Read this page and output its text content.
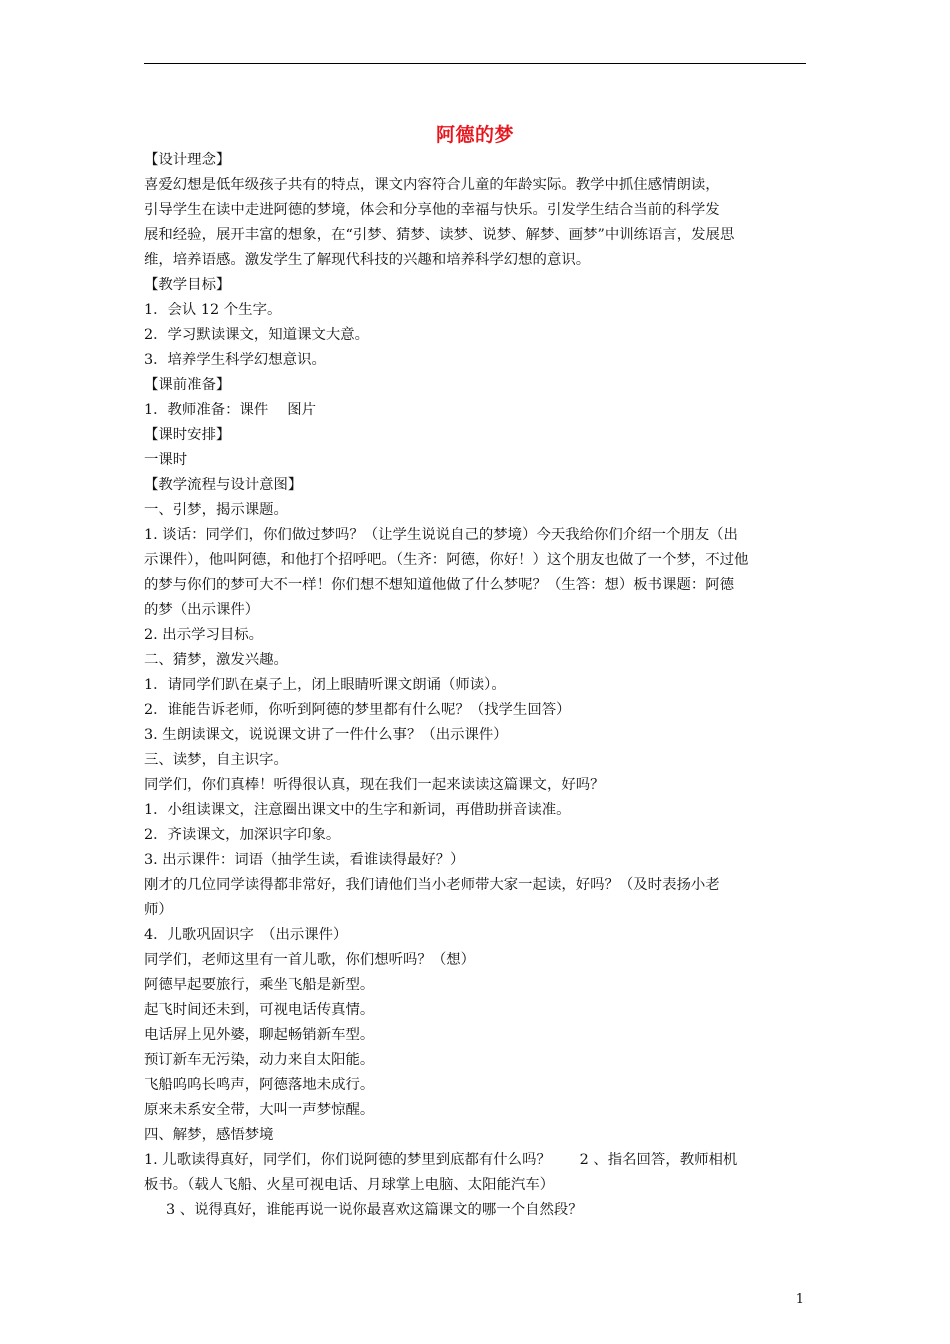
阿德的梦
【设计理念】
喜爱幻想是低年级孩子共有的特点，课文内容符合儿童的年龄实际。教学中抓住感情朗读，
引导学生在读中走进阿德的梦境，体会和分享他的幸福与快乐。引发学生结合当前的科学发
展和经验，展开丰富的想象，在“引梦、猜梦、读梦、说梦、解梦、画梦”中训练语言，发展思
维，培养语感。激发学生了解现代科技的兴趣和培养科学幻想的意识。
【教学目标】
1．会认 12 个生字。
2．学习默读课文，知道课文大意。
3．培养学生科学幻想意识。
【课前准备】
1．教师准备：课件　 图片
【课时安排】
一课时
【教学流程与设计意图】
一、引梦，揭示课题。
1. 谈话：同学们，你们做过梦吗？（让学生说说自己的梦境）今天我给你们介绍一个朋友（出
示课件），他叫阿德，和他打个招呼吧。（生齐：阿德，你好！）这个朋友也做了一个梦，不过他
的梦与你们的梦可大不一样！你们想不想知道他做了什么梦呢？（生答：想）板书课题：阿德
的梦（出示课件）
2. 出示学习目标。
二、猜梦，激发兴趣。
1．请同学们趴在桌子上，闭上眼睛听课文朗诵（师读）。
2．谁能告诉老师，你听到阿德的梦里都有什么呢？（找学生回答）
3. 生朗读课文，说说课文讲了一件什么事？（出示课件）
三、读梦，自主识字。
同学们，你们真棒！听得很认真，现在我们一起来读读这篇课文，好吗？
1．小组读课文，注意圈出课文中的生字和新词，再借助拼音读准。
2．齐读课文，加深识字印象。
3. 出示课件：词语（抽学生读，看谁读得最好？）
刚才的几位同学读得都非常好，我们请他们当小老师带大家一起读，好吗？（及时表扬小老
师）
4．儿歌巩固识字　（出示课件）
同学们，老师这里有一首儿歌，你们想听吗？（想）
阿德早起要旅行，乘坐飞船是新型。
起飞时间还未到，可视电话传真情。
电话屏上见外婆，聊起畅销新车型。
预订新车无污染，动力来自太阳能。
飞船呜呜长鸣声，阿德落地未成行。
原来未系安全带，大叫一声梦惊醒。
四、解梦，感悟梦境
1. 儿歌读得真好，同学们，你们说阿德的梦里到底都有什么吗？　　2 、指名回答，教师相机
板书。（载人飞船、火星可视电话、月球掌上电脑、太阳能汽车）
3 、说得真好，谁能再说一说你最喜欢这篇课文的哪一个自然段？
1
